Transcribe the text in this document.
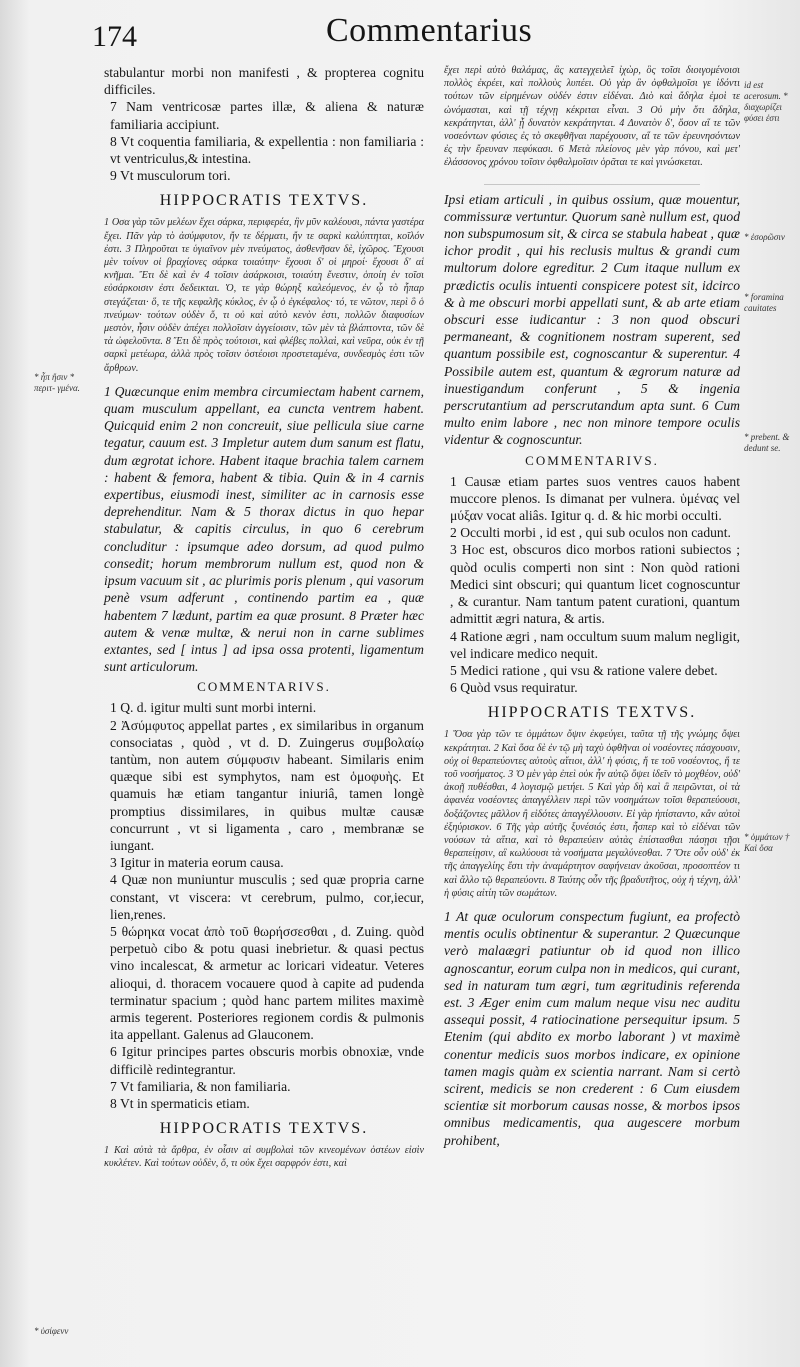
174	Commentarius

stabulantur morbi non manifesti , & propterea cognitu difficiles.

7 Nam ventricosæ partes illæ, & aliena & naturæ familiaria accipiunt.

8 Vt coquentia familiaria, & expellentia : non familiaria : vt ventriculus,& intestina.

9 Vt musculorum tori.

HIPPOCRATIS TEXTVS.

1 Οσα γὰρ τῶν μελέων ἔχει σάρκα, περιφερέα, ἣν μῦν καλέουσι, πάντα γαστέρα ἔχει. Πᾶν γὰρ τὸ ἀσύμφυτον, ἤν τε δέρματι, ἤν τε σαρκὶ καλύπτηται, κοῖλόν ἐστι. 3 Πληροῦται τε ὑγιαῖνον μὲν πνεύματος, ἀσθενῆσαν δὲ, ἰχῶρος. Ἔχουσι μὲν τοίνυν οἱ βραχίονες σάρκα τοιαύτην· ἔχουσι δ' οἱ μηροί· ἔχουσι δ' αἱ κνῆμαι. Ἔτι δὲ καὶ ἐν 4 τοῖσιν ἀσάρκοισι, τοιαύτη ἔνεστιν, ὁποίη ἐν τοῖσι εὐσάρκοισιν ἐστι δεδεικται. Ὁ, τε γὰρ θώρηξ καλεόμενος, ἐν ᾧ τὸ ἧπαρ στεγάζεται· ὅ, τε τῆς κεφαλῆς κύκλος, ἐν ᾧ ὁ ἐγκέφαλος· τό, τε νῶτον, περὶ ὃ ὁ πνεύμων· τούτων οὐδὲν ὅ, τι οὐ καὶ αὐτὸ κενὸν ἐστι, πολλῶν διαφυσίων μεστὸν, ἧσιν οὐδὲν ἀπέχει πολλοῖσιν ἀγγείοισιν, τῶν μὲν τὰ βλάπτοντα, τῶν δὲ τὰ ὠφελοῦντα. 8 Ἔτι δὲ πρὸς τούτοισι, καὶ φλέβες πολλαὶ, καὶ νεῦρα, οὐκ ἐν τῇ σαρκὶ μετέωρα, ἀλλὰ πρὸς τοῖσιν ὀστέοισι προστεταμένα, συνδεσμὸς ἐστι τῶν ἄρθρων.

1 Quæcunque enim membra circumiectam habent carnem, quam musculum appellant, ea cuncta ventrem habent. Quicquid enim 2 non concreuit, siue pellicula siue carne tegatur, cauum est. 3 Impletur autem dum sanum est flatu, dum ægrotat ichore. Habent itaque brachia talem carnem : habent & femora, habent & tibia. Quin & in 4 carnis expertibus, eiusmodi inest, similiter ac in carnosis esse deprehenditur. Nam & 5 thorax dictus in quo hepar stabulatur, & capitis circulus, in quo 6 cerebrum concluditur : ipsumque adeo dorsum, ad quod pulmo consedit; horum membrorum nullum est, quod non & ipsum vacuum sit , ac plurimis poris plenum , qui vasorum penè vsum adferunt , continendo partim ea , quæ habentem 7 lædunt, partim ea quæ prosunt. 8 Præter hæc autem & venæ multæ, & nerui non in carne sublimes extantes, sed [ intus ] ad ipsa ossa protenti, ligamentum sunt articulorum.

COMMENTARIVS.

1 Q. d. igitur multi sunt morbi interni.

2 Ἀσύμφυτος appellat partes , ex similaribus in organum consociatas , quòd , vt d. D. Zuingerus συμβολαίῳ tantùm, non autem σύμφυσιν habeant. Similaris enim quæque sibi est symphytos, nam est ὁμοφυὴς. Et quamuis hæ etiam tangantur iniuriâ, tamen longè promptius dissimilares, in quibus multæ causæ concurrunt , vt si ligamenta , caro , membranæ se iungant.

3 Igitur in materia eorum causa.

4 Quæ non muniuntur musculis ; sed quæ propria carne constant, vt viscera: vt cerebrum, pulmo, cor,iecur, lien,renes.

5 θώρηκα vocat ἀπὸ τοῦ θωρήσσεσθαι , d. Zuing. quòd perpetuò cibo & potu quasi inebrietur. & quasi pectus vino incalescat, & armetur ac loricari videatur. Veteres alioqui, d. thoracem vocauere quod à capite ad pudenda terminatur spacium ; quòd hanc partem milites maximè armis tegerent. Posteriores regionem cordis & pulmonis ita appellant. Galenus ad Glauconem.

6 Igitur principes partes obscuris morbis obnoxiæ, vnde difficilè redintegrantur.

7 Vt familiaria, & non familiaria.

8 Vt in spermaticis etiam.

HIPPOCRATIS TEXTVS.

1 Καὶ αὐτὰ τὰ ἄρθρα, ἐν οἷσιν αἱ συμβολαὶ τῶν κινεομένων ὀστέων εἰσὶν κυκλέτεν. Καὶ τούτων οὐδὲν, ὅ, τι οὐκ ἔχει σαρφρόν ἐστι, καὶ

ἔχει περὶ αὐτὸ θαλάμας, ἃς κατεγχειλεῖ ἰχὼρ, ὃς τοῖσι διοιγομένοισι πολλὸς ἐκρέει, καὶ πολλοὺς λυπέει. Οὐ γὰρ ἂν ὀφθαλμοῖσι γε ἰδόντι τούτων τῶν εἰρημένων οὐδέν ἐστιν εἰδέναι. Διὸ καὶ ἄδηλα ἐμοὶ τε ὠνόμασται, καὶ τῇ τέχνῃ κέκριται εἶναι. 3 Οὐ μὴν ὅτι ἄδηλα, κεκράτηνται, ἀλλ' ᾗ δυνατὸν κεκράτηνται. 4 Δυνατὸν δ', ὅσον αἵ τε τῶν νοσεόντων φύσιες ἐς τὸ σκεφθῆναι παρέχουσιν, αἵ τε τῶν ἐρευνησόντων ἐς τὴν ἔρευναν πεφύκασι. 6 Μετὰ πλείονος μὲν γὰρ πόνου, καὶ μετ' ἐλάσσονος χρόνου τοῖσιν ὀφθαλμοῖσιν ὁρᾶται τε καὶ γινώσκεται.

Ipsi etiam articuli , in quibus ossium, quæ mouentur, commissuræ vertuntur. Quorum sanè nullum est, quod non subspumosum sit, & circa se stabula habeat , quæ ichor prodit , qui his reclusis multus & grandi cum multorum dolore egreditur. 2 Cum itaque nullum ex prædictis oculis intuenti conspicere potest sit, idcirco & à me obscuri morbi appellati sunt, & ab arte etiam obscuri esse iudicantur : 3 non quod obscuri permaneant, & cognitionem nostram superent, sed quantum possibile est, cognoscantur & superentur. 4 Possibile autem est, quantum & ægrorum naturæ ad inuestigandum conferunt , 5 & ingenia perscrutantium ad perscrutandum apta sunt. 6 Cum multo enim labore , nec non minore tempore oculis videntur & cognoscuntur.

COMMENTARIVS.

1 Causæ etiam partes suos ventres cauos habent muccore plenos. Is dimanat per vulnera. ὑμένας vel μύξαν vocat aliâs. Igitur q. d. & hic morbi occulti.

2 Occulti morbi , id est , qui sub oculos non cadunt.

3 Hoc est, obscuros dico morbos rationi subiectos ; quòd oculis comperti non sint : Non quòd rationi Medici sint obscuri; qui quantum licet cognoscuntur , & curantur. Nam tantum patent curationi, quantum admittit ægri natura, & artis.

4 Ratione ægri , nam occultum suum malum negligit, vel indicare medico nequit.

5 Medici ratione , qui vsu & ratione valere debet.

6 Quòd vsus requiratur.

HIPPOCRATIS TEXTVS.

1 Ὅσα γὰρ τῶν τε ὀμμάτων ὄψιν ἐκφεύγει, ταῦτα τῇ τῆς γνώμης ὄψει κεκράτηται. 2 Καὶ ὅσα δὲ ἐν τῷ μὴ ταχὺ ὀφθῆναι οἱ νοσέοντες πάσχουσιν, οὐχ οἱ θεραπεύοντες αὐτοὺς αἴτιοι, ἀλλ' ἡ φύσις, ἥ τε τοῦ νοσέοντος, ἥ τε τοῦ νοσήματος. 3 Ὁ μὲν γὰρ ἐπεὶ οὐκ ἦν αὐτῷ ὄψει ἰδεῖν τὸ μοχθέον, οὐδ' ἀκοῇ πυθέσθαι, 4 λογισμῷ μετήει. 5 Καὶ γὰρ δὴ καὶ ἃ πειρῶνται, οἱ τὰ ἀφανέα νοσέοντες ἀπαγγέλλειν περὶ τῶν νοσημάτων τοῖσι θεραπεύουσι, δοξάζοντες μᾶλλον ἢ εἰδότες ἀπαγγέλλουσιν. Εἰ γὰρ ἠπίσταντο, κἂν αὐτοὶ ἐξηύρισκον. 6 Τῆς γὰρ αὐτῆς ξυνέσιός ἐστι, ἧσπερ καὶ τὸ εἰδέναι τῶν νούσων τὰ αἴτια, καὶ τὸ θεραπεύειν αὐτὰς ἐπίστασθαι πάσῃσι τῇσι θεραπείῃσιν, αἳ κωλύουσι τὰ νοσήματα μεγαλύνεσθαι. 7 Ὅτε οὖν οὐδ' ἐκ τῆς ἀπαγγελίης ἔστι τὴν ἀναμάρτητον σαφήνειαν ἀκοῦσαι, προσοπτέον τι καὶ ἄλλο τῷ θεραπεύοντι. 8 Ταύτης οὖν τῆς βραδυτῆτος, οὐχ ἡ τέχνη, ἀλλ' ἡ φύσις αἰτίη τῶν σωμάτων.

1 At quæ oculorum conspectum fugiunt, ea profectò mentis oculis obtinentur & superantur. 2 Quæcunque verò malaægri patiuntur ob id quod non illico agnoscantur, eorum culpa non in medicos, qui curant, sed in naturam tum ægri, tum ægritudinis referenda est. 3 Æger enim cum malum neque visu nec auditu assequi possit, 4 ratiocinatione persequitur ipsum. 5 Etenim (qui abdito ex morbo laborant ) vt maximè conentur medicis suos morbos indicare, ex opinione tamen magis quàm ex scientia narrant. Nam si certò scirent, medicis se non crederent : 6 Cum eiusdem scientiæ sit morborum causas nosse, & morbos ipsos omnibus medicamentis, qua augescere morbum prohibent,

* ἧπ ἤσιν * περιτ- γμένα.
* ὑσίφενν
id est acerosum. * διαχωρίζει φύσει ἐστι
* ἐσορῶσιν
* foramina cauitates
* prebent. & dedunt se.
* ὀμμάτων † Καὶ ὅσα
